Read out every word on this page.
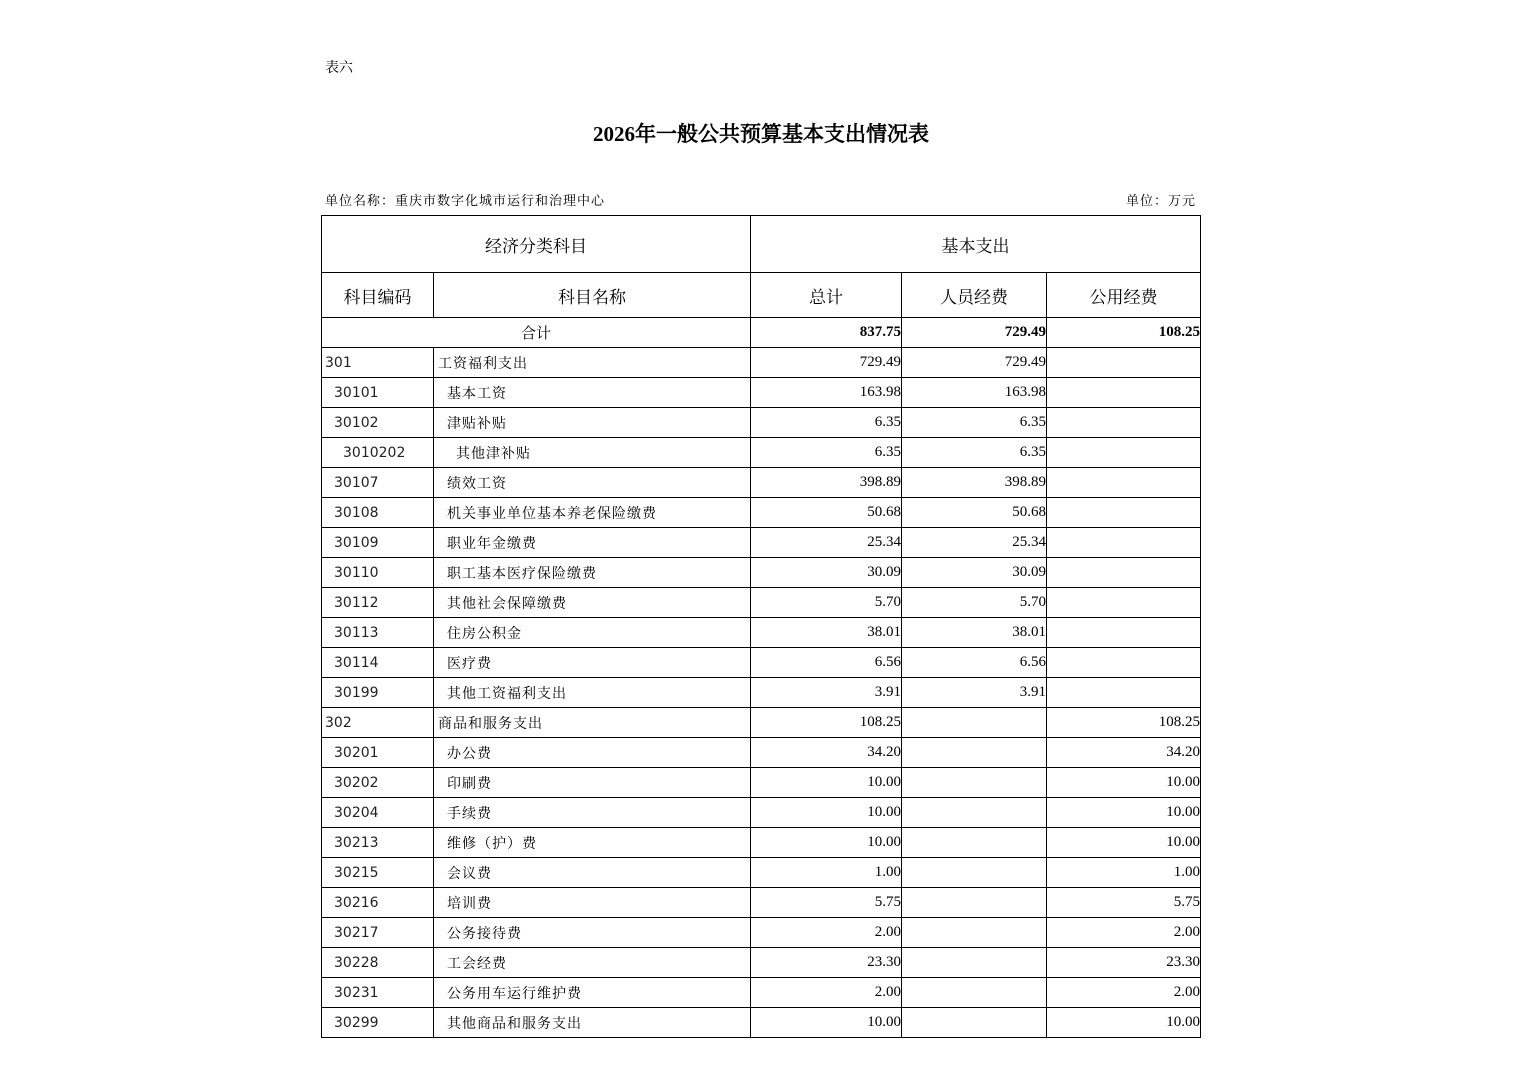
表六
2026年一般公共预算基本支出情况表
单位名称：重庆市数字化城市运行和治理中心	单位：万元
经济分类科目		基本支出		
科目编码	科目名称	总计	人员经费	公用经费
合计		837.75	729.49	108.25
301	工资福利支出	729.49	729.49	
30101	基本工资	163.98	163.98	
30102	津贴补贴	6.35	6.35	
3010202	其他津补贴	6.35	6.35	
30107	绩效工资	398.89	398.89	
30108	机关事业单位基本养老保险缴费	50.68	50.68	
30109	职业年金缴费	25.34	25.34	
30110	职工基本医疗保险缴费	30.09	30.09	
30112	其他社会保障缴费	5.70	5.70	
30113	住房公积金	38.01	38.01	
30114	医疗费	6.56	6.56	
30199	其他工资福利支出	3.91	3.91	
302	商品和服务支出	108.25		108.25
30201	办公费	34.20		34.20
30202	印刷费	10.00		10.00
30204	手续费	10.00		10.00
30213	维修（护）费	10.00		10.00
30215	会议费	1.00		1.00
30216	培训费	5.75		5.75
30217	公务接待费	2.00		2.00
30228	工会经费	23.30		23.30
30231	公务用车运行维护费	2.00		2.00
30299	其他商品和服务支出	10.00		10.00
